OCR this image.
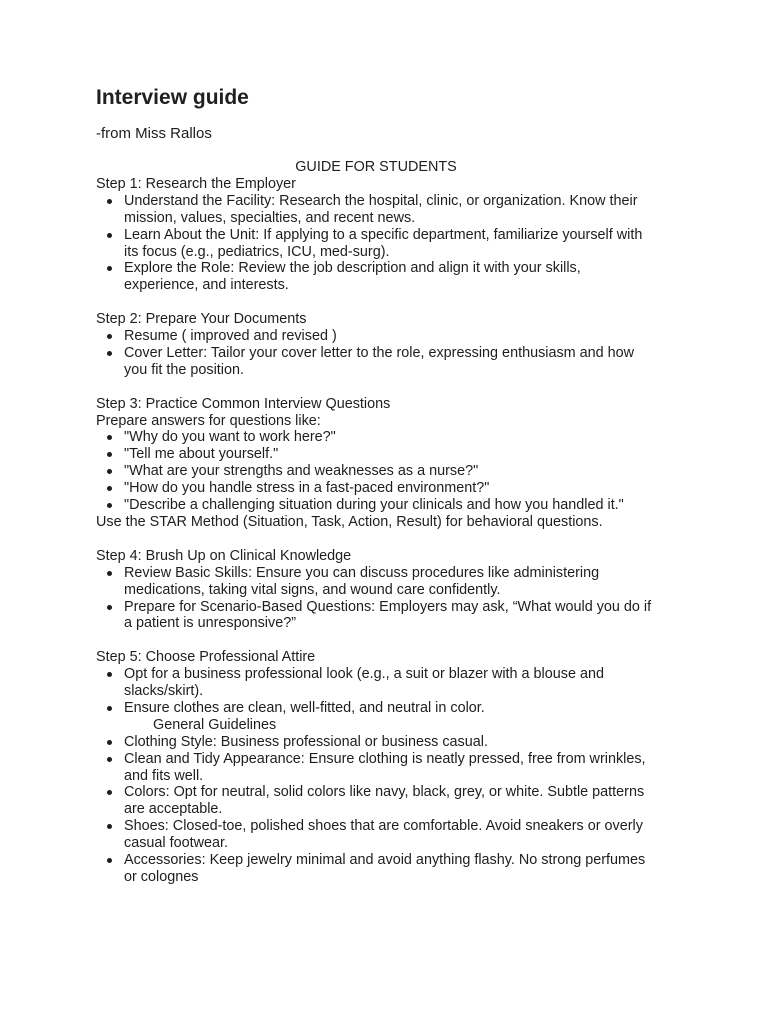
Interview guide
-from Miss Rallos

GUIDE FOR STUDENTS

Step 1: Research the Employer

Understand the Facility: Research the hospital, clinic, or organization. Know their mission, values, specialties, and recent news.
Learn About the Unit: If applying to a specific department, familiarize yourself with its focus (e.g., pediatrics, ICU, med-surg).
Explore the Role: Review the job description and align it with your skills, experience, and interests.

Step 2: Prepare Your Documents

Resume ( improved and revised )
Cover Letter: Tailor your cover letter to the role, expressing enthusiasm and how you fit the position.

Step 3: Practice Common Interview Questions

Prepare answers for questions like:

"Why do you want to work here?"
"Tell me about yourself."
"What are your strengths and weaknesses as a nurse?"
"How do you handle stress in a fast-paced environment?"
"Describe a challenging situation during your clinicals and how you handled it."

Use the STAR Method (Situation, Task, Action, Result) for behavioral questions.

Step 4: Brush Up on Clinical Knowledge

Review Basic Skills: Ensure you can discuss procedures like administering medications, taking vital signs, and wound care confidently.
Prepare for Scenario-Based Questions: Employers may ask, “What would you do if a patient is unresponsive?”

Step 5: Choose Professional Attire

Opt for a business professional look (e.g., a suit or blazer with a blouse and slacks/skirt).
Ensure clothes are clean, well-fitted, and neutral in color.
General Guidelines
Clothing Style: Business professional or business casual.
Clean and Tidy Appearance: Ensure clothing is neatly pressed, free from wrinkles, and fits well.
Colors: Opt for neutral, solid colors like navy, black, grey, or white. Subtle patterns are acceptable.
Shoes: Closed-toe, polished shoes that are comfortable. Avoid sneakers or overly casual footwear.
Accessories: Keep jewelry minimal and avoid anything flashy. No strong perfumes or colognes
